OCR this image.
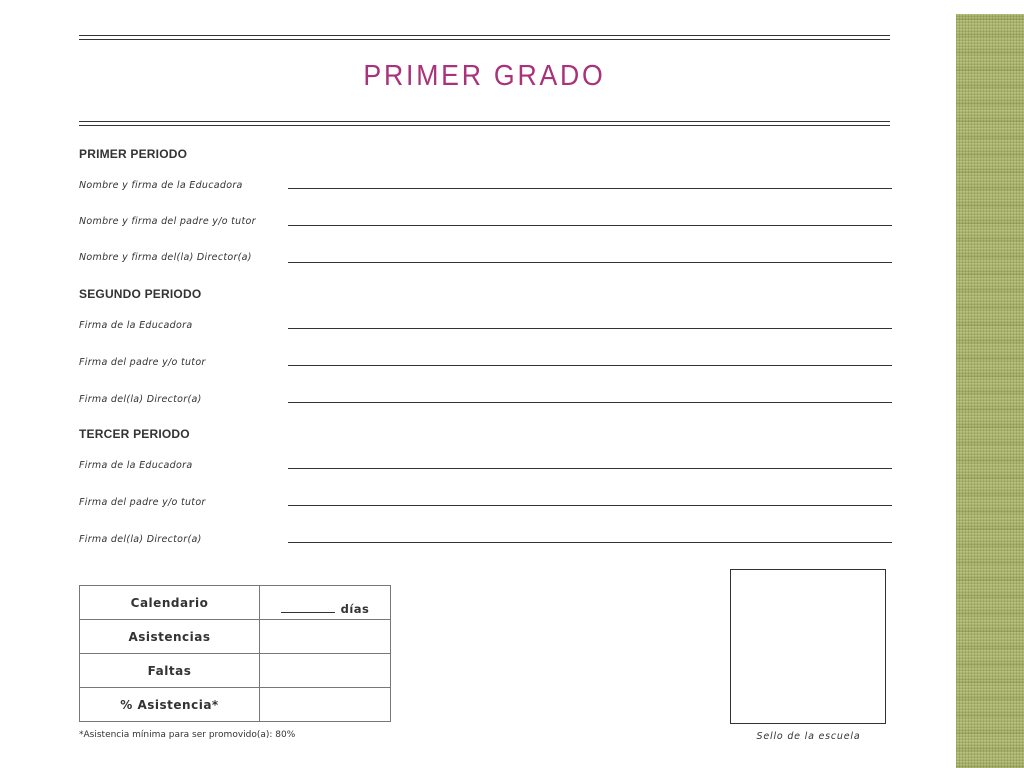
PRIMER GRADO
PRIMER PERIODO
Nombre y firma de la Educadora
Nombre y firma del padre y/o tutor
Nombre y firma del(la) Director(a)
SEGUNDO PERIODO
Firma de la Educadora
Firma del padre y/o tutor
Firma del(la) Director(a)
TERCER PERIODO
Firma de la Educadora
Firma del padre y/o tutor
Firma del(la) Director(a)
Calendario	días

Asistencias	
Faltas	
% Asistencia*	
*Asistencia mínima para ser promovido(a): 80%	Sello de la escuela
